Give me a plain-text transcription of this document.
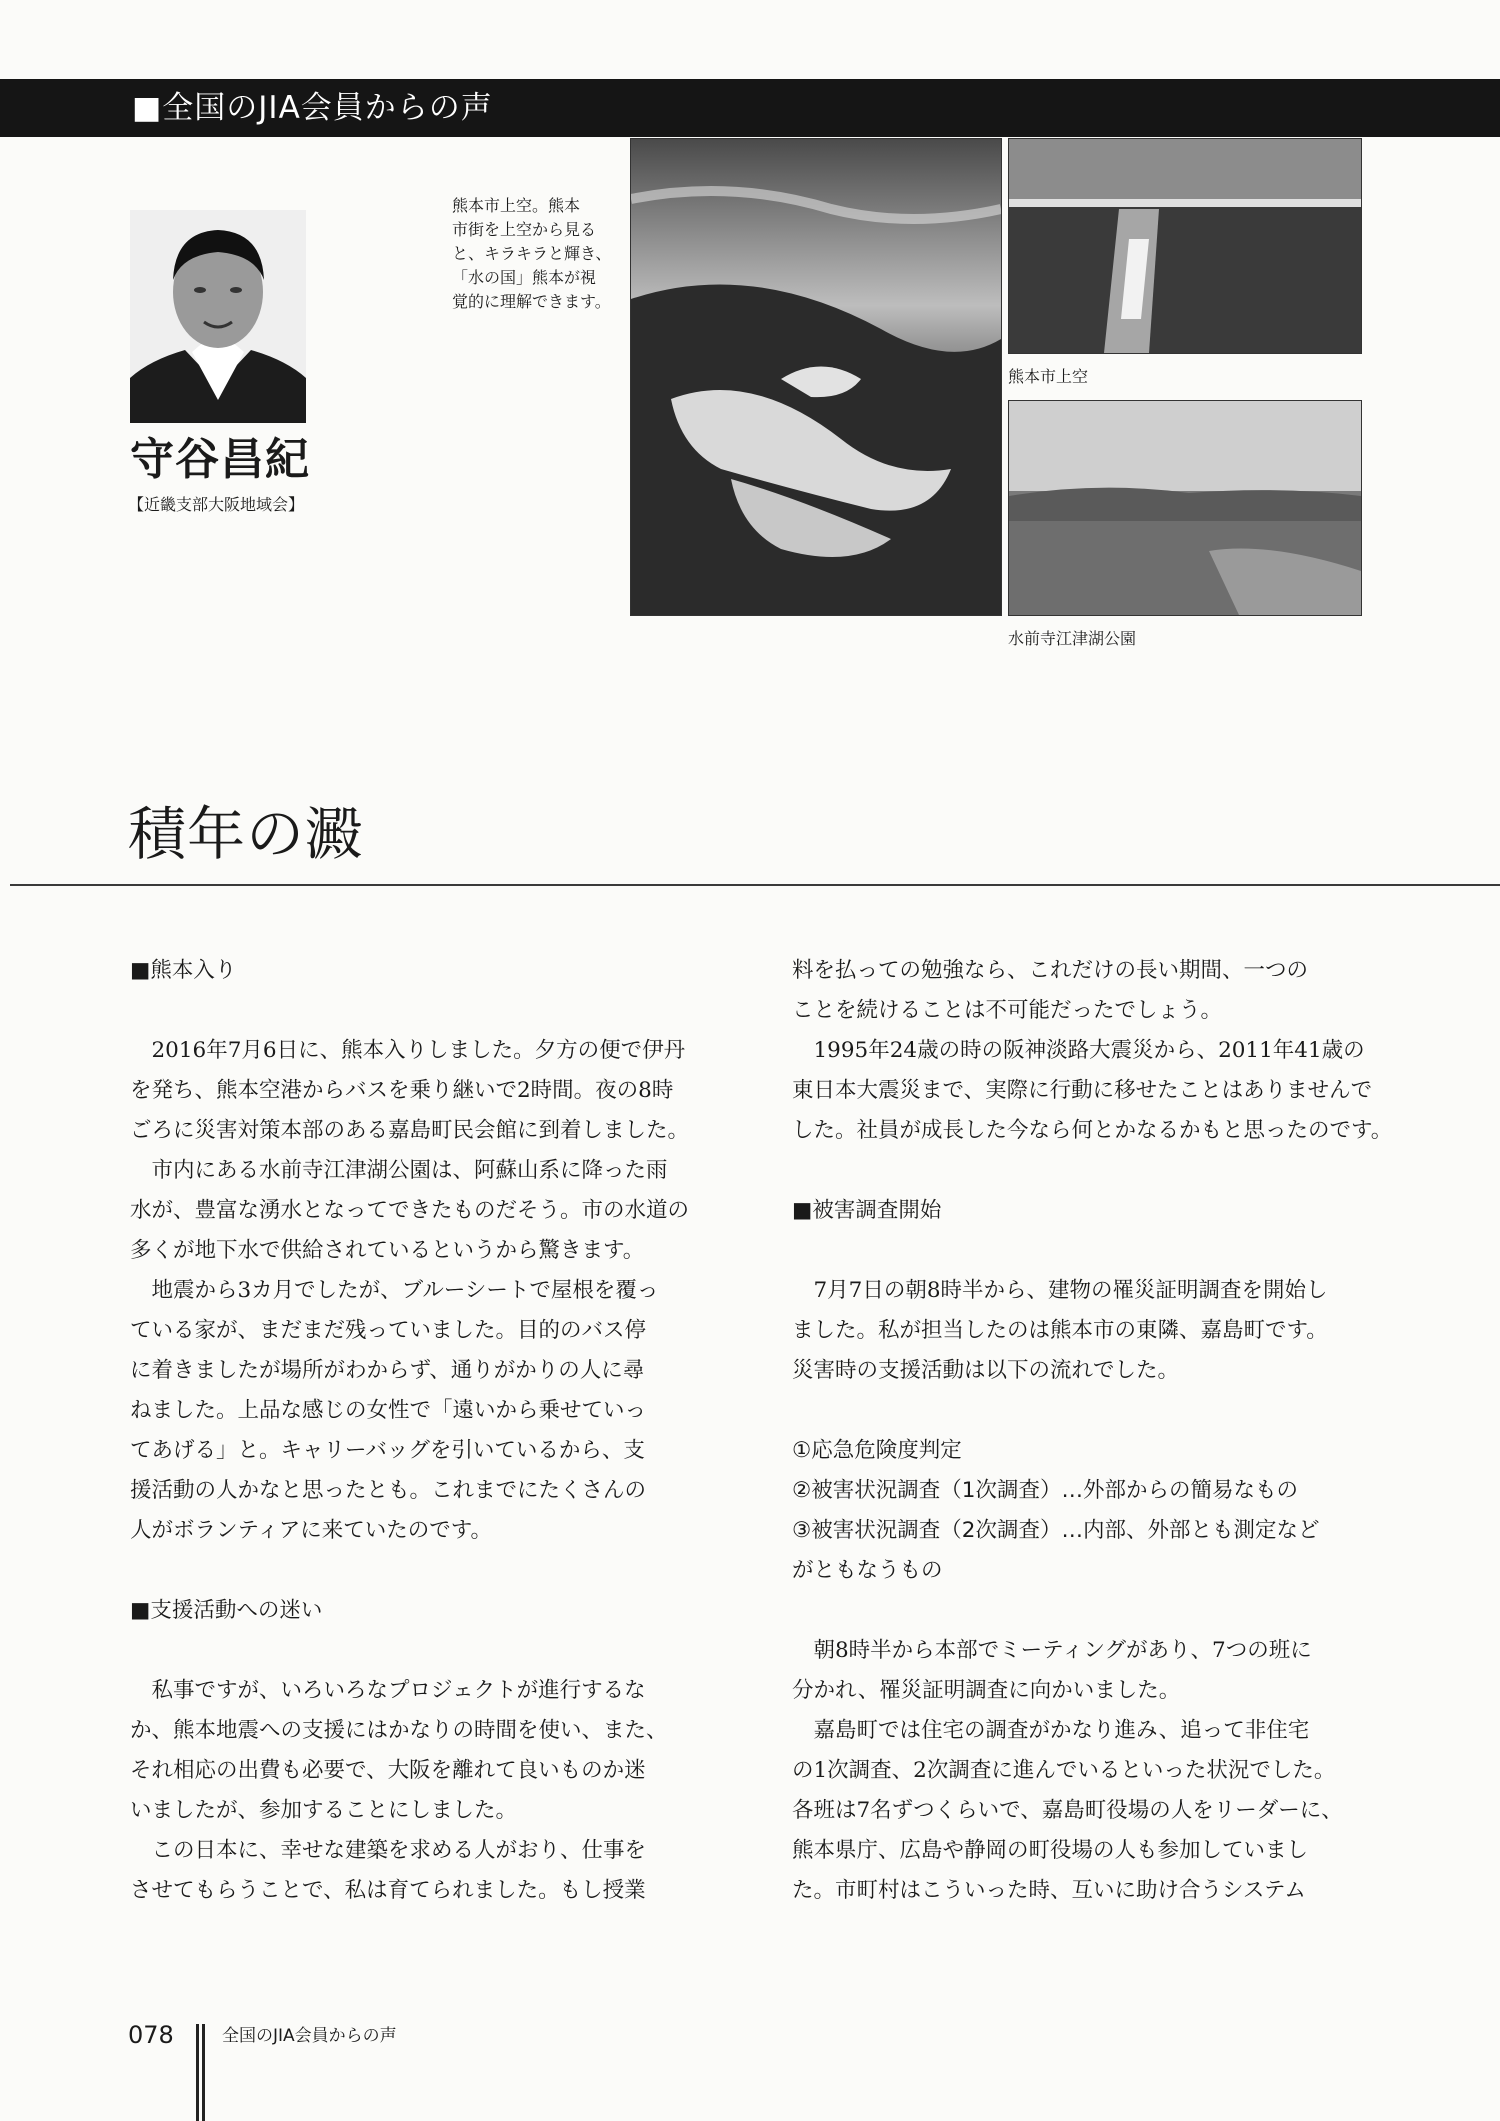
■全国のJIA会員からの声
守谷昌紀
【近畿支部大阪地域会】
熊本市上空。熊本
市街を上空から見る
と、キラキラと輝き、
「水の国」熊本が視
覚的に理解できます。
熊本市上空
水前寺江津湖公園
積年の澱
■熊本入り
　2016年7月6日に、熊本入りしました。夕方の便で伊丹
を発ち、熊本空港からバスを乗り継いで2時間。夜の8時
ごろに災害対策本部のある嘉島町民会館に到着しました。
　市内にある水前寺江津湖公園は、阿蘇山系に降った雨
水が、豊富な湧水となってできたものだそう。市の水道の
多くが地下水で供給されているというから驚きます。
　地震から3カ月でしたが、ブルーシートで屋根を覆っ
ている家が、まだまだ残っていました。目的のバス停
に着きましたが場所がわからず、通りがかりの人に尋
ねました。上品な感じの女性で「遠いから乗せていっ
てあげる」と。キャリーバッグを引いているから、支
援活動の人かなと思ったとも。これまでにたくさんの
人がボランティアに来ていたのです。
■支援活動への迷い
　私事ですが、いろいろなプロジェクトが進行するな
か、熊本地震への支援にはかなりの時間を使い、また、
それ相応の出費も必要で、大阪を離れて良いものか迷
いましたが、参加することにしました。
　この日本に、幸せな建築を求める人がおり、仕事を
させてもらうことで、私は育てられました。もし授業
料を払っての勉強なら、これだけの長い期間、一つの
ことを続けることは不可能だったでしょう。
　1995年24歳の時の阪神淡路大震災から、2011年41歳の
東日本大震災まで、実際に行動に移せたことはありませんで
した。社員が成長した今なら何とかなるかもと思ったのです。
■被害調査開始
　7月7日の朝8時半から、建物の罹災証明調査を開始し
ました。私が担当したのは熊本市の東隣、嘉島町です。
災害時の支援活動は以下の流れでした。
①応急危険度判定
②被害状況調査（1次調査）…外部からの簡易なもの
③被害状況調査（2次調査）…内部、外部とも測定など
がともなうもの
　朝8時半から本部でミーティングがあり、7つの班に
分かれ、罹災証明調査に向かいました。
　嘉島町では住宅の調査がかなり進み、追って非住宅
の1次調査、2次調査に進んでいるといった状況でした。
各班は7名ずつくらいで、嘉島町役場の人をリーダーに、
熊本県庁、広島や静岡の町役場の人も参加していまし
た。市町村はこういった時、互いに助け合うシステム
078	全国のJIA会員からの声
